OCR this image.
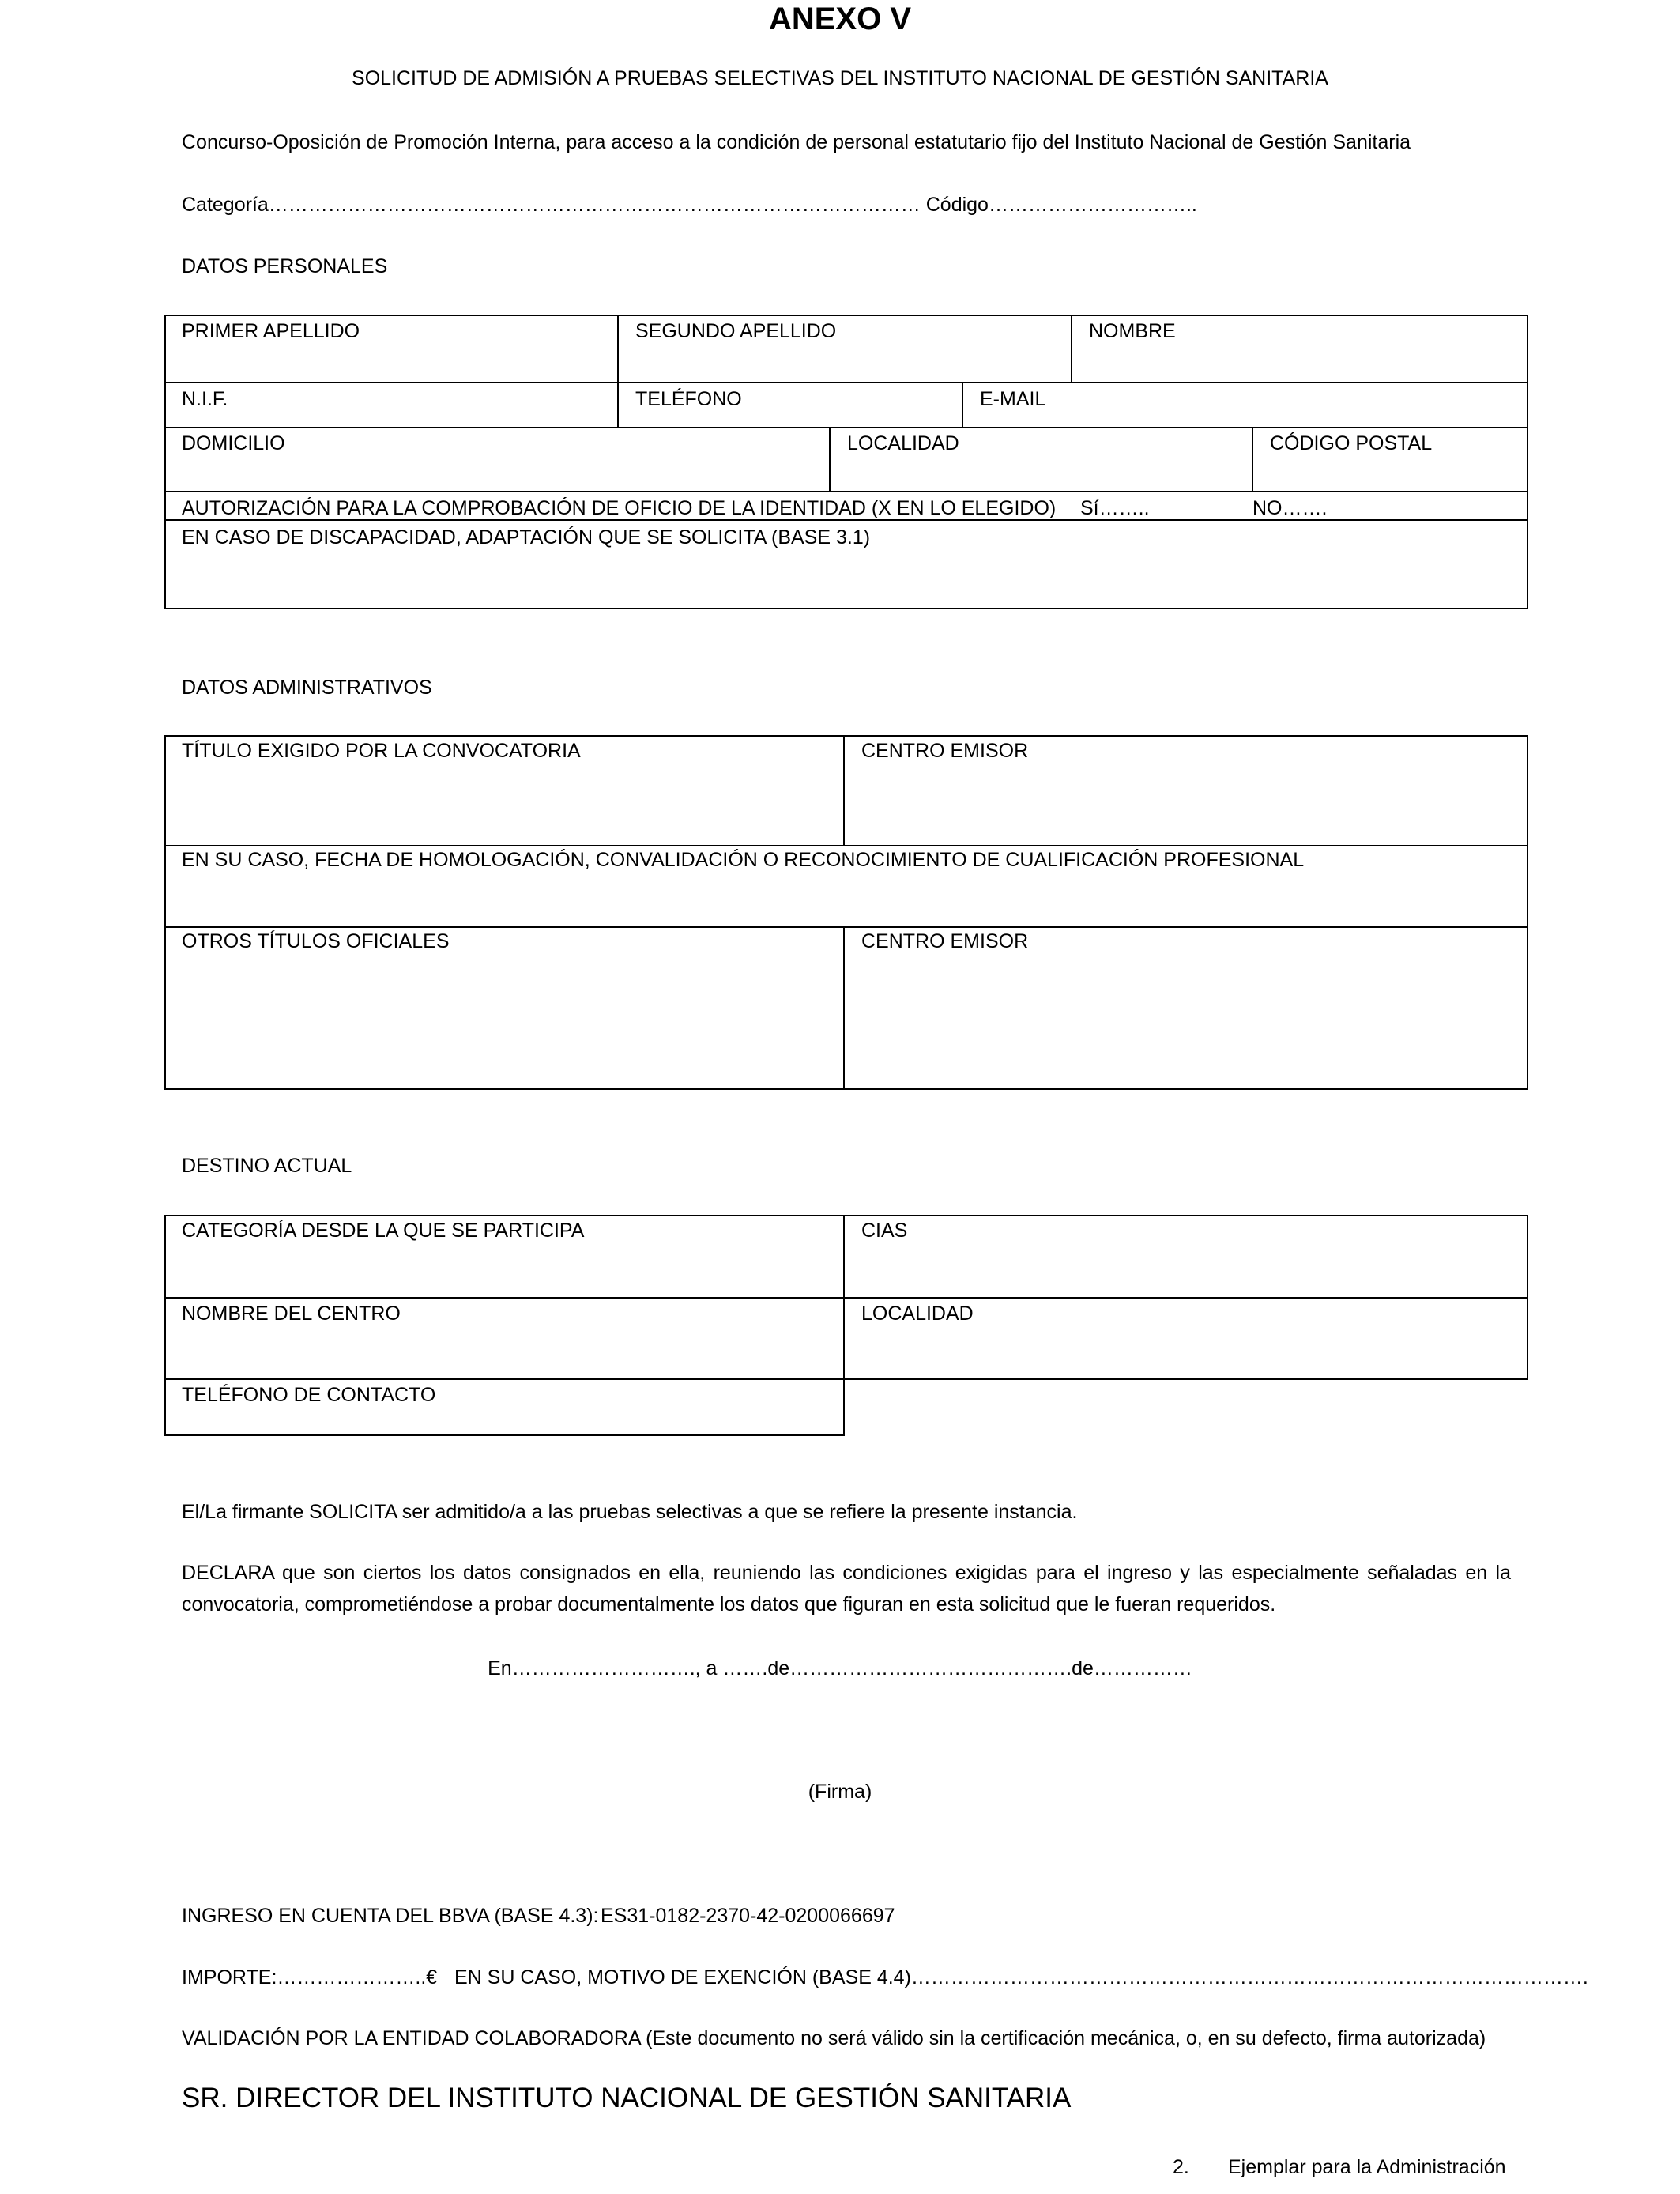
ANEXO V
SOLICITUD DE ADMISIÓN A PRUEBAS SELECTIVAS DEL INSTITUTO NACIONAL DE GESTIÓN SANITARIA
Concurso-Oposición de Promoción Interna, para acceso a la condición de personal estatutario fijo del Instituto Nacional de Gestión Sanitaria
Categoría……………………………………………………………………………………… Código…………………………..
DATOS PERSONALES
PRIMER APELLIDO	SEGUNDO APELLIDO	NOMBRE
N.I.F.	TELÉFONO	E-MAIL
DOMICILIO	LOCALIDAD	CÓDIGO POSTAL
AUTORIZACIÓN PARA LA COMPROBACIÓN DE OFICIO DE LA IDENTIDAD (X EN LO ELEGIDO) Sí……..	NO…….
EN CASO DE DISCAPACIDAD, ADAPTACIÓN QUE SE SOLICITA (BASE 3.1)
DATOS ADMINISTRATIVOS
TÍTULO EXIGIDO POR LA CONVOCATORIA	CENTRO EMISOR
EN SU CASO, FECHA DE HOMOLOGACIÓN, CONVALIDACIÓN O RECONOCIMIENTO DE CUALIFICACIÓN PROFESIONAL
OTROS TÍTULOS OFICIALES	CENTRO EMISOR
DESTINO ACTUAL
CATEGORÍA DESDE LA QUE SE PARTICIPA	CIAS
NOMBRE DEL CENTRO	LOCALIDAD
TELÉFONO DE CONTACTO
El/La firmante SOLICITA ser admitido/a a las pruebas selectivas a que se refiere la presente instancia.
DECLARA que son ciertos los datos consignados en ella, reuniendo las condiciones exigidas para el ingreso y las especialmente señaladas en la convocatoria, comprometiéndose a probar documentalmente los datos que figuran en esta solicitud que le fueran requeridos.
En………………………., a …….de…………………………………….de……………
(Firma)
INGRESO EN CUENTA DEL BBVA (BASE 4.3): ES31-0182-2370-42-0200066697
IMPORTE:…………………..€ EN SU CASO, MOTIVO DE EXENCIÓN (BASE 4.4)………………………………………………………………………………………….
VALIDACIÓN POR LA ENTIDAD COLABORADORA (Este documento no será válido sin la certificación mecánica, o, en su defecto, firma autorizada)
SR. DIRECTOR DEL INSTITUTO NACIONAL DE GESTIÓN SANITARIA
2. Ejemplar para la Administración
